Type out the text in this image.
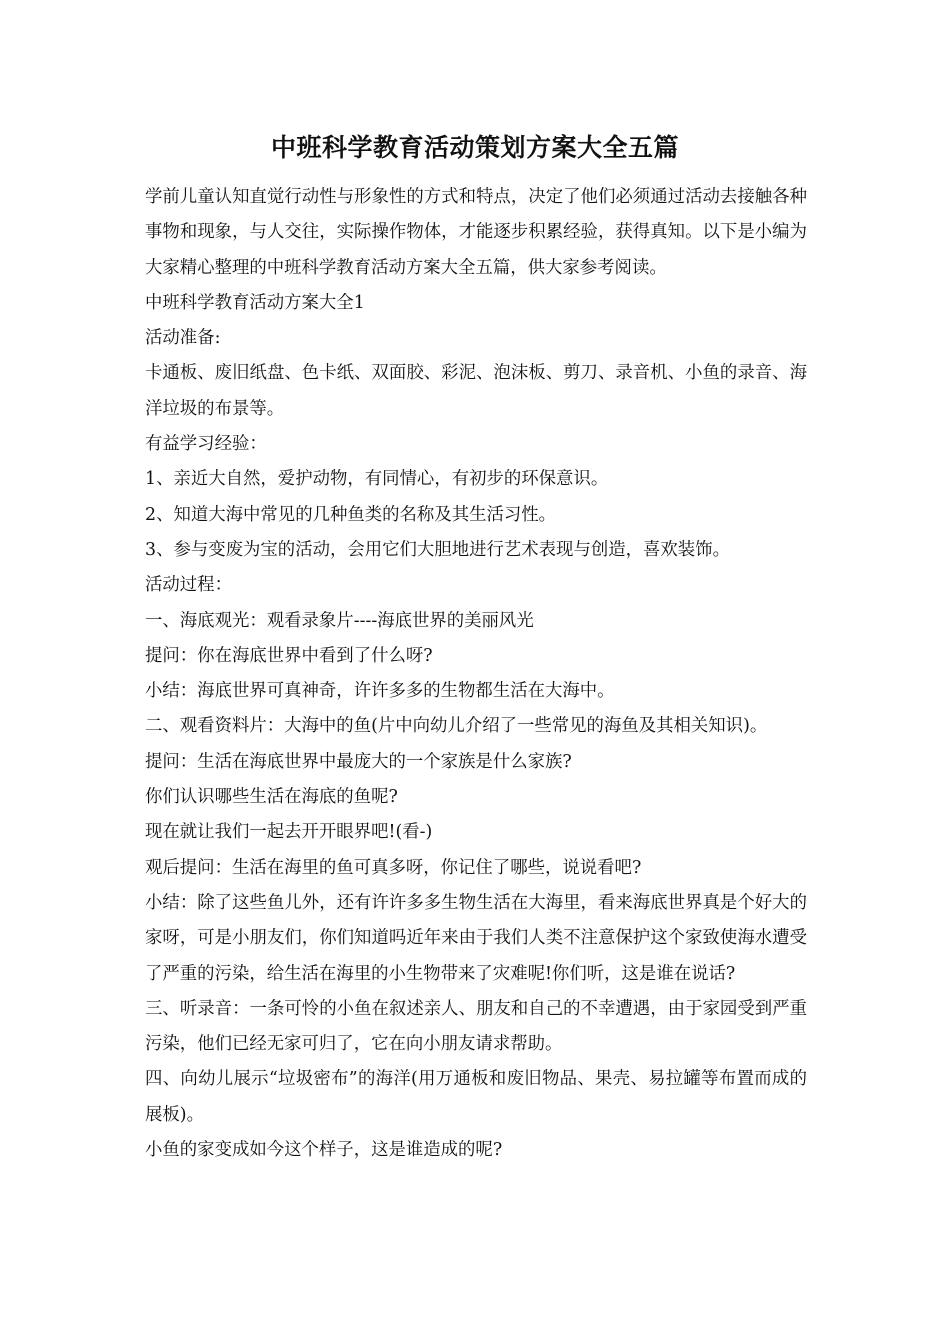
中班科学教育活动策划方案大全五篇

学前儿童认知直觉行动性与形象性的方式和特点，决定了他们必须通过活动去接触各种事物和现象，与人交往，实际操作物体，才能逐步积累经验，获得真知。以下是小编为大家精心整理的中班科学教育活动方案大全五篇，供大家参考阅读。

中班科学教育活动方案大全1

活动准备:

卡通板、废旧纸盘、色卡纸、双面胶、彩泥、泡沫板、剪刀、录音机、小鱼的录音、海洋垃圾的布景等。

有益学习经验：

1、亲近大自然，爱护动物，有同情心，有初步的环保意识。

2、知道大海中常见的几种鱼类的名称及其生活习性。

3、参与变废为宝的活动，会用它们大胆地进行艺术表现与创造，喜欢装饰。

活动过程：

一、海底观光：观看录象片----海底世界的美丽风光

提问：你在海底世界中看到了什么呀?

小结：海底世界可真神奇，许许多多的生物都生活在大海中。

二、观看资料片：大海中的鱼(片中向幼儿介绍了一些常见的海鱼及其相关知识)。

提问：生活在海底世界中最庞大的一个家族是什么家族?

你们认识哪些生活在海底的鱼呢?

现在就让我们一起去开开眼界吧!(看-)

观后提问：生活在海里的鱼可真多呀，你记住了哪些，说说看吧?

小结：除了这些鱼儿外，还有许许多多生物生活在大海里，看来海底世界真是个好大的家呀，可是小朋友们，你们知道吗近年来由于我们人类不注意保护这个家致使海水遭受了严重的污染，给生活在海里的小生物带来了灾难呢!你们听，这是谁在说话?

三、听录音：一条可怜的小鱼在叙述亲人、朋友和自己的不幸遭遇，由于家园受到严重污染，他们已经无家可归了，它在向小朋友请求帮助。

四、向幼儿展示“垃圾密布”的海洋(用万通板和废旧物品、果壳、易拉罐等布置而成的展板)。

小鱼的家变成如今这个样子，这是谁造成的呢?
